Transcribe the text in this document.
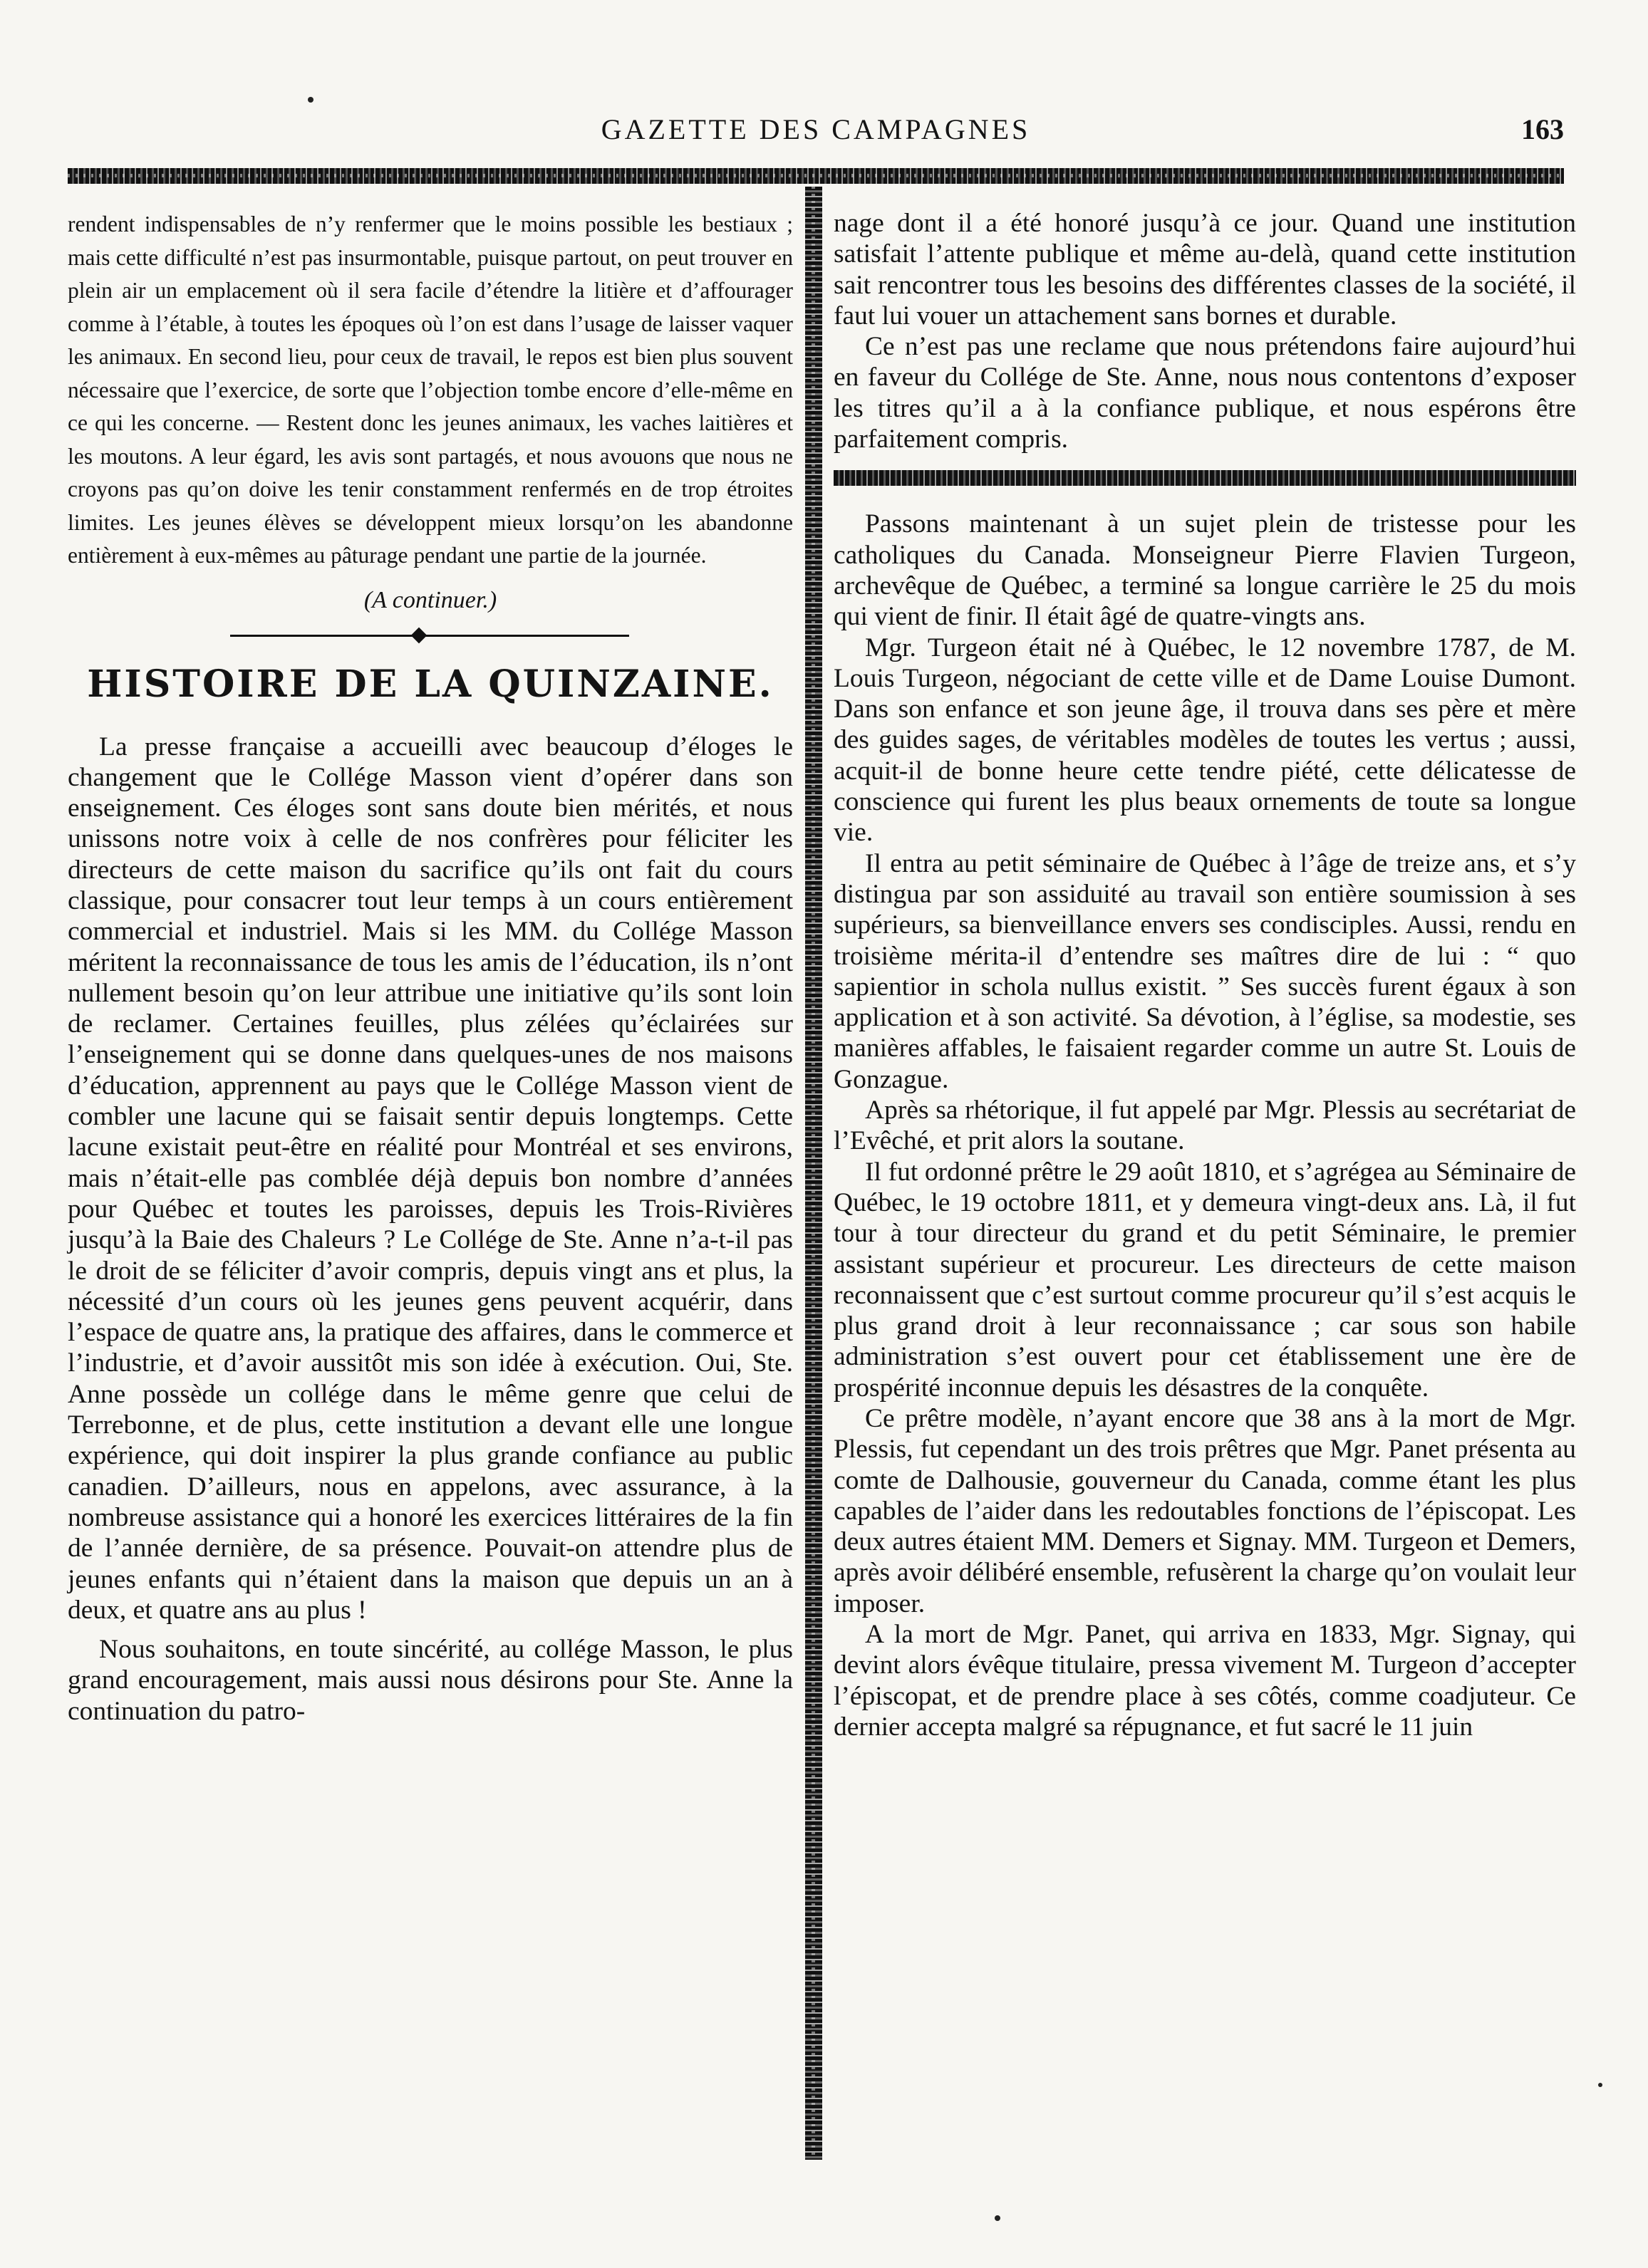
GAZETTE DES CAMPAGNES	163

rendent indispensables de n’y renfermer que le moins possible les bestiaux ; mais cette difficulté n’est pas insurmontable, puisque partout, on peut trouver en plein air un emplacement où il sera facile d’étendre la litière et d’affourager comme à l’étable, à toutes les époques où l’on est dans l’usage de laisser vaquer les animaux. En second lieu, pour ceux de travail, le repos est bien plus souvent nécessaire que l’exercice, de sorte que l’objection tombe encore d’elle-même en ce qui les concerne. — Restent donc les jeunes animaux, les vaches laitières et les moutons. A leur égard, les avis sont partagés, et nous avouons que nous ne croyons pas qu’on doive les tenir constamment renfermés en de trop étroites limites. Les jeunes élèves se développent mieux lorsqu’on les abandonne entièrement à eux-mêmes au pâturage pendant une partie de la journée.

(A continuer.)

HISTOIRE DE LA QUINZAINE.

La presse française a accueilli avec beaucoup d’éloges le changement que le Collége Masson vient d’opérer dans son enseignement. Ces éloges sont sans doute bien mérités, et nous unissons notre voix à celle de nos confrères pour féliciter les directeurs de cette maison du sacrifice qu’ils ont fait du cours classique, pour consacrer tout leur temps à un cours entièrement commercial et industriel. Mais si les MM. du Collége Masson méritent la reconnaissance de tous les amis de l’éducation, ils n’ont nullement besoin qu’on leur attribue une initiative qu’ils sont loin de reclamer. Certaines feuilles, plus zélées qu’éclairées sur l’enseignement qui se donne dans quelques-unes de nos maisons d’éducation, apprennent au pays que le Collége Masson vient de combler une lacune qui se faisait sentir depuis longtemps. Cette lacune existait peut-être en réalité pour Montréal et ses environs, mais n’était-elle pas comblée déjà depuis bon nombre d’années pour Québec et toutes les paroisses, depuis les Trois-Rivières jusqu’à la Baie des Chaleurs ? Le Collége de Ste. Anne n’a-t-il pas le droit de se féliciter d’avoir compris, depuis vingt ans et plus, la nécessité d’un cours où les jeunes gens peuvent acquérir, dans l’espace de quatre ans, la pratique des affaires, dans le commerce et l’industrie, et d’avoir aussitôt mis son idée à exécution. Oui, Ste. Anne possède un collége dans le même genre que celui de Terrebonne, et de plus, cette institution a devant elle une longue expérience, qui doit inspirer la plus grande confiance au public canadien. D’ailleurs, nous en appelons, avec assurance, à la nombreuse assistance qui a honoré les exercices littéraires de la fin de l’année dernière, de sa présence. Pouvait-on attendre plus de jeunes enfants qui n’étaient dans la maison que depuis un an à deux, et quatre ans au plus !

Nous souhaitons, en toute sincérité, au collége Masson, le plus grand encouragement, mais aussi nous désirons pour Ste. Anne la continuation du patro-

nage dont il a été honoré jusqu’à ce jour. Quand une institution satisfait l’attente publique et même au-delà, quand cette institution sait rencontrer tous les besoins des différentes classes de la société, il faut lui vouer un attachement sans bornes et durable.

Ce n’est pas une reclame que nous prétendons faire aujourd’hui en faveur du Collége de Ste. Anne, nous nous contentons d’exposer les titres qu’il a à la confiance publique, et nous espérons être parfaitement compris.

Passons maintenant à un sujet plein de tristesse pour les catholiques du Canada. Monseigneur Pierre Flavien Turgeon, archevêque de Québec, a terminé sa longue carrière le 25 du mois qui vient de finir. Il était âgé de quatre-vingts ans.

Mgr. Turgeon était né à Québec, le 12 novembre 1787, de M. Louis Turgeon, négociant de cette ville et de Dame Louise Dumont. Dans son enfance et son jeune âge, il trouva dans ses père et mère des guides sages, de véritables modèles de toutes les vertus ; aussi, acquit-il de bonne heure cette tendre piété, cette délicatesse de conscience qui furent les plus beaux ornements de toute sa longue vie.

Il entra au petit séminaire de Québec à l’âge de treize ans, et s’y distingua par son assiduité au travail son entière soumission à ses supérieurs, sa bienveillance envers ses condisciples. Aussi, rendu en troisième mérita-il d’entendre ses maîtres dire de lui : “ quo sapientior in schola nullus existit. ” Ses succès furent égaux à son application et à son activité. Sa dévotion, à l’église, sa modestie, ses manières affables, le faisaient regarder comme un autre St. Louis de Gonzague.

Après sa rhétorique, il fut appelé par Mgr. Plessis au secrétariat de l’Evêché, et prit alors la soutane.

Il fut ordonné prêtre le 29 août 1810, et s’agrégea au Séminaire de Québec, le 19 octobre 1811, et y demeura vingt-deux ans. Là, il fut tour à tour directeur du grand et du petit Séminaire, le premier assistant supérieur et procureur. Les directeurs de cette maison reconnaissent que c’est surtout comme procureur qu’il s’est acquis le plus grand droit à leur reconnaissance ; car sous son habile administration s’est ouvert pour cet établissement une ère de prospérité inconnue depuis les désastres de la conquête.

Ce prêtre modèle, n’ayant encore que 38 ans à la mort de Mgr. Plessis, fut cependant un des trois prêtres que Mgr. Panet présenta au comte de Dalhousie, gouverneur du Canada, comme étant les plus capables de l’aider dans les redoutables fonctions de l’épiscopat. Les deux autres étaient MM. Demers et Signay. MM. Turgeon et Demers, après avoir délibéré ensemble, refusèrent la charge qu’on voulait leur imposer.

A la mort de Mgr. Panet, qui arriva en 1833, Mgr. Signay, qui devint alors évêque titulaire, pressa vivement M. Turgeon d’accepter l’épiscopat, et de prendre place à ses côtés, comme coadjuteur. Ce dernier accepta malgré sa répugnance, et fut sacré le 11 juin
